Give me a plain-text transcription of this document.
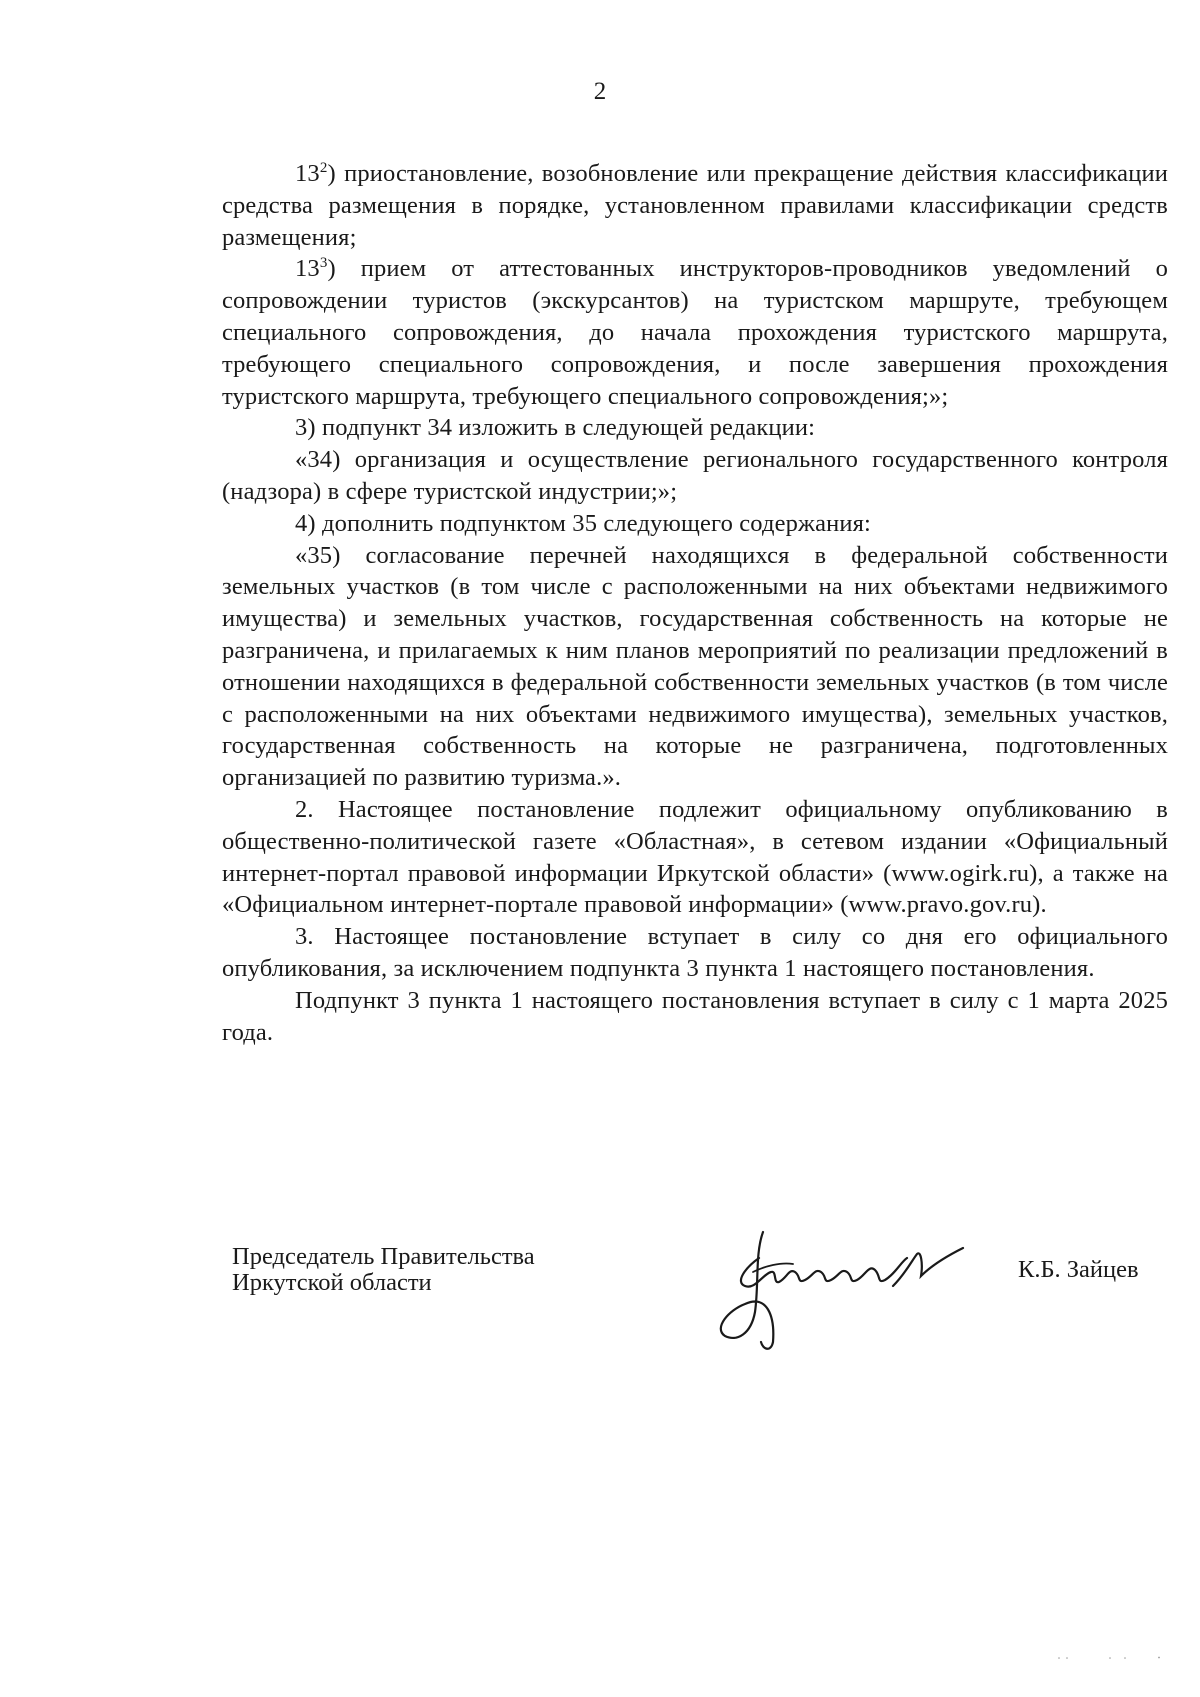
2

$13^2$) приостановление, возобновление или прекращение действия классификации средства размещения в порядке, установленном правилами классификации средств размещения;

$13^3$) прием от аттестованных инструкторов-проводников уведомлений о сопровождении туристов (экскурсантов) на туристском маршруте, требующем специального сопровождения, до начала прохождения туристского маршрута, требующего специального сопровождения, и после завершения прохождения туристского маршрута, требующего специального сопровождения;»;

3) подпункт 34 изложить в следующей редакции:

«34) организация и осуществление регионального государственного контроля (надзора) в сфере туристской индустрии;»;

4) дополнить подпунктом 35 следующего содержания:

«35) согласование перечней находящихся в федеральной собственности земельных участков (в том числе с расположенными на них объектами недвижимого имущества) и земельных участков, государственная собственность на которые не разграничена, и прилагаемых к ним планов мероприятий по реализации предложений в отношении находящихся в федеральной собственности земельных участков (в том числе с расположенными на них объектами недвижимого имущества), земельных участков, государственная собственность на которые не разграничена, подготовленных организацией по развитию туризма.».

2. Настоящее постановление подлежит официальному опубликованию в общественно-политической газете «Областная», в сетевом издании «Официальный интернет-портал правовой информации Иркутской области» (www.ogirk.ru), а также на «Официальном интернет-портале правовой информации» (www.pravo.gov.ru).

3. Настоящее постановление вступает в силу со дня его официального опубликования, за исключением подпункта 3 пункта 1 настоящего постановления.

Подпункт 3 пункта 1 настоящего постановления вступает в силу с 1 марта 2025 года.

Председатель Правительства
Иркутской области	К.Б. Зайцев
